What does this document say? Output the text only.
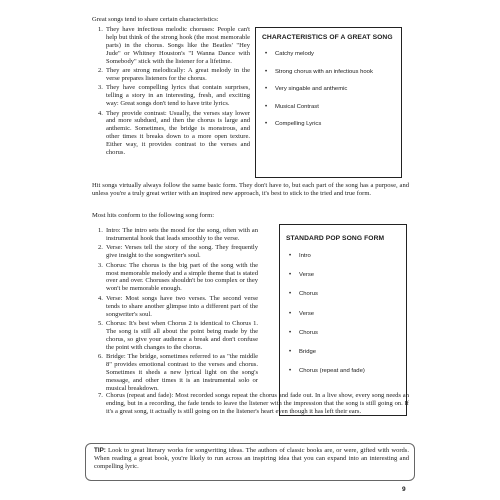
Great songs tend to share certain characteristics:

1. They have infectious melodic choruses: People can't help but think of the strong hook (the most memorable parts) in the chorus. Songs like the Beatles' "Hey Jude" or Whitney Houston's "I Wanna Dance with Somebody" stick with the listener for a lifetime.
2. They are strong melodically: A great melody in the verse prepares listeners for the chorus.
3. They have compelling lyrics that contain surprises, telling a story in an interesting, fresh, and exciting way: Great songs don't tend to have trite lyrics.
4. They provide contrast: Usually, the verses stay lower and more subdued, and then the chorus is large and anthemic. Sometimes, the bridge is monstrous, and other times it breaks down to a more open texture. Either way, it provides contrast to the verses and chorus.
CHARACTERISTICS OF A GREAT SONG
•	Catchy melody
•	Strong chorus with an infectious hook
•	Very singable and anthemic
•	Musical Contrast
•	Compelling Lyrics

Hit songs virtually always follow the same basic form. They don't have to, but each part of the song has a purpose, and unless you're a truly great writer with an inspired new approach, it's best to stick to the tried and true form.

Most hits conform to the following song form:

1. Intro: The intro sets the mood for the song, often with an instrumental hook that leads smoothly to the verse.
2. Verse: Verses tell the story of the song. They frequently give insight to the songwriter's soul.
3. Chorus: The chorus is the big part of the song with the most memorable melody and a simple theme that is stated over and over. Choruses shouldn't be too complex or they won't be memorable enough.
4. Verse: Most songs have two verses. The second verse tends to share another glimpse into a different part of the songwriter's soul.
5. Chorus: It's best when Chorus 2 is identical to Chorus 1. The song is still all about the point being made by the chorus, so give your audience a break and don't confuse the point with changes to the chorus.
6. Bridge: The bridge, sometimes referred to as "the middle 8" provides emotional contrast to the verses and chorus. Sometimes it sheds a new lyrical light on the song's message, and other times it is an instrumental solo or musical breakdown.
STANDARD POP SONG FORM
•	Intro
•	Verse
•	Chorus
•	Verse
•	Chorus
•	Bridge
•	Chorus (repeat and fade)
7. Chorus (repeat and fade): Most recorded songs repeat the chorus and fade out. In a live show, every song needs an ending, but in a recording, the fade tends to leave the listener with the impression that the song is still going on. If it's a great song, it actually is still going on in the listener's heart even though it has left their ears.
TIP: Look to great literary works for songwriting ideas. The authors of classic books are, or were, gifted with words. When reading a great book, you're likely to run across an inspiring idea that you can expand into an interesting and compelling lyric.
9
